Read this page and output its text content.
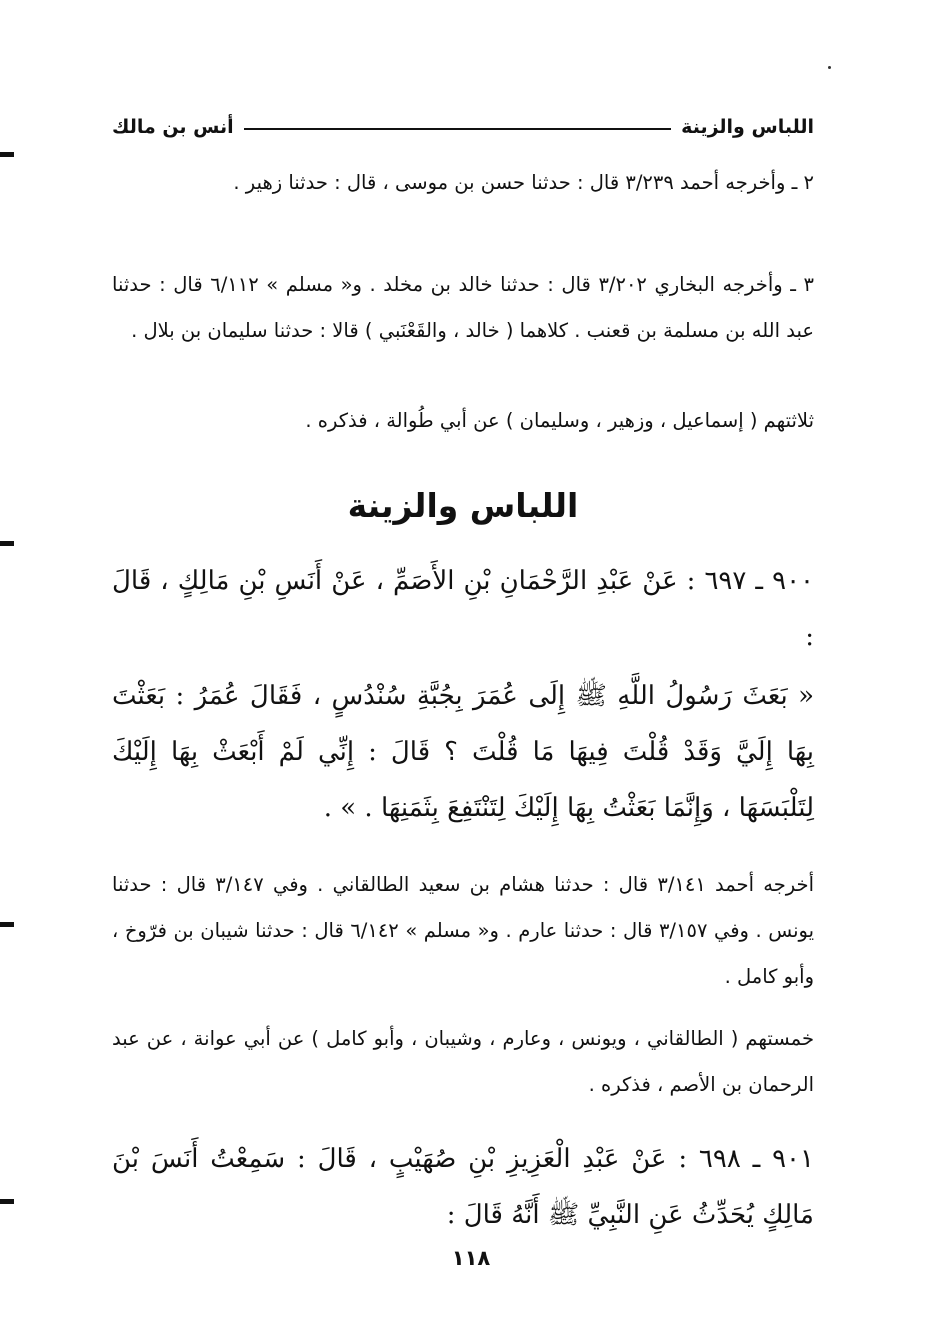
اللباس والزينة
أنس بن مالك
٢ ـ وأخرجه أحمد ٣/٢٣٩ قال : حدثنا حسن بن موسى ، قال : حدثنا زهير .
٣ ـ وأخرجه البخاري ٣/٢٠٢ قال : حدثنا خالد بن مخلد . و« مسلم » ٦/١١٢ قال : حدثنا عبد الله بن مسلمة بن قعنب . كلاهما ( خالد ، والقَعْنَبي ) قالا : حدثنا سليمان بن بلال .
ثلاثتهم ( إسماعيل ، وزهير ، وسليمان ) عن أبي طُوالة ، فذكره .
اللباس والزينة
٩٠٠ ـ ٦٩٧ : عَنْ عَبْدِ الرَّحْمَانِ بْنِ الأَصَمِّ ، عَنْ أَنَسِ بْنِ مَالِكٍ ، قَالَ :
« بَعَثَ رَسُولُ اللَّهِ ﷺ إِلَى عُمَرَ بِجُبَّةِ سُنْدُسٍ ، فَقَالَ عُمَرُ : بَعَثْتَ بِهَا إِلَيَّ وَقَدْ قُلْتَ فِيهَا مَا قُلْتَ ؟ قَالَ : إِنِّي لَمْ أَبْعَثْ بِهَا إِلَيْكَ لِتَلْبَسَهَا ، وَإِنَّمَا بَعَثْتُ بِهَا إِلَيْكَ لِتَنْتَفِعَ بِثَمَنِهَا . » .
أخرجه أحمد ٣/١٤١ قال : حدثنا هشام بن سعيد الطالقاني . وفي ٣/١٤٧ قال : حدثنا يونس . وفي ٣/١٥٧ قال : حدثنا عارم . و« مسلم » ٦/١٤٢ قال : حدثنا شيبان بن فرّوخ ، وأبو كامل .
خمستهم ( الطالقاني ، ويونس ، وعارم ، وشيبان ، وأبو كامل ) عن أبي عوانة ، عن عبد الرحمان بن الأصم ، فذكره .
٩٠١ ـ ٦٩٨ : عَنْ عَبْدِ الْعَزِيزِ بْنِ صُهَيْبٍ ، قَالَ : سَمِعْتُ أَنَسَ بْنَ مَالِكٍ يُحَدِّثُ عَنِ النَّبِيِّ ﷺ أَنَّهُ قَالَ :
١١٨
